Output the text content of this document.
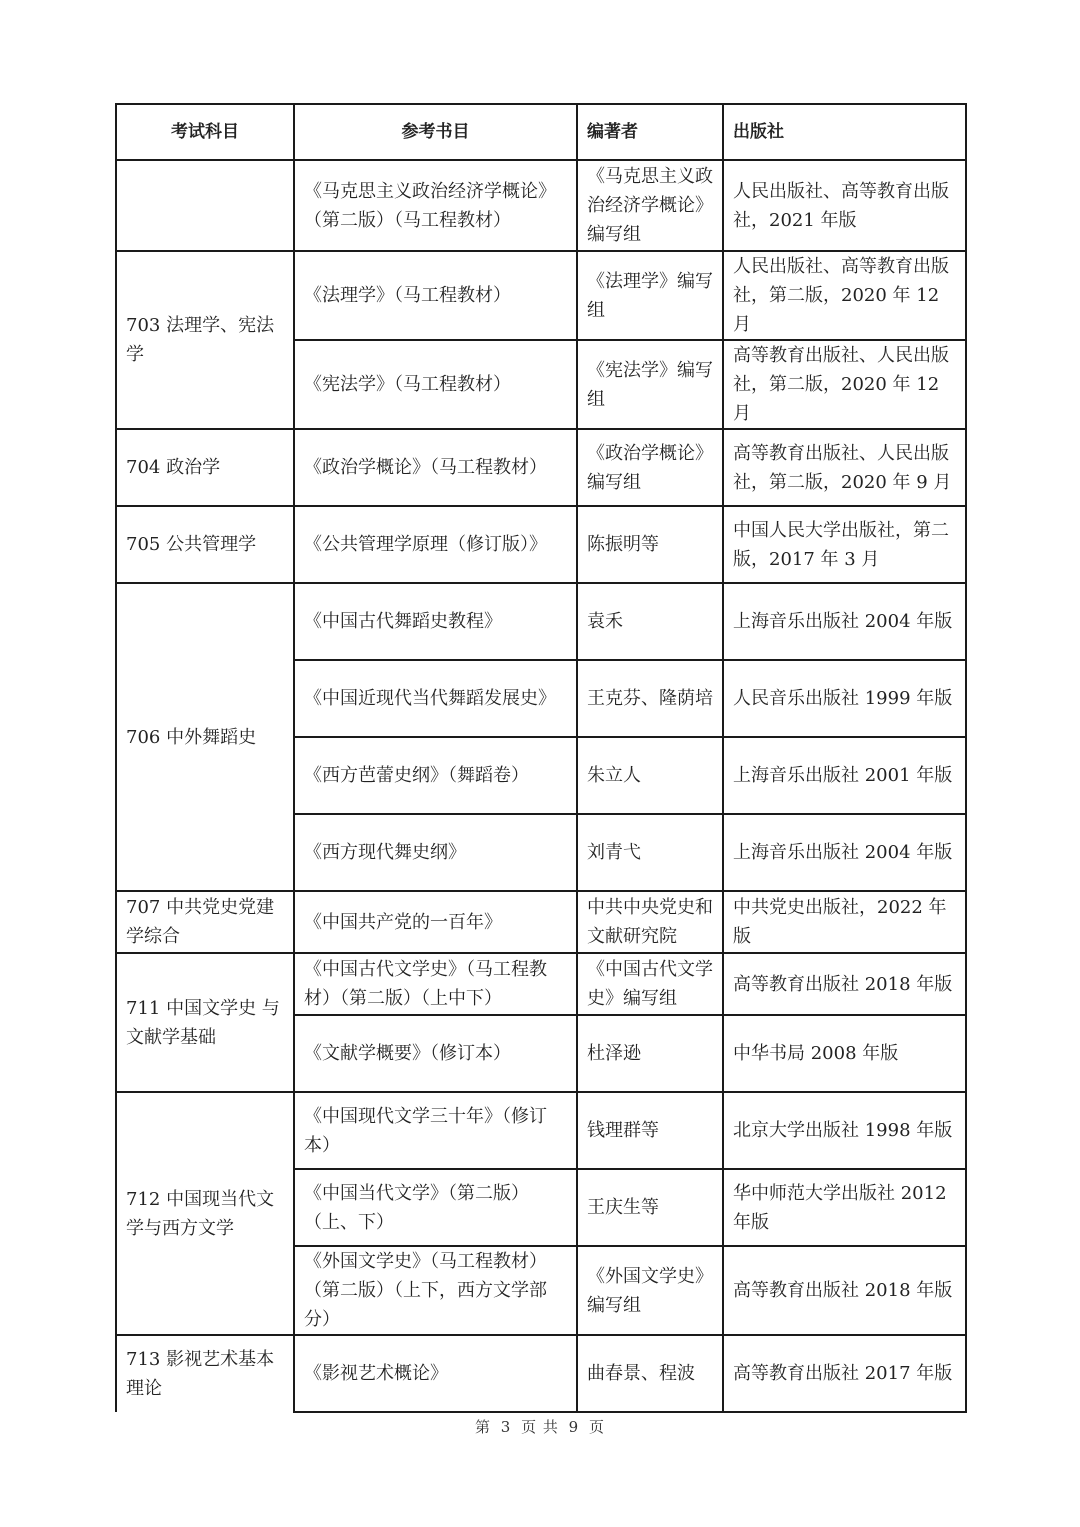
考试科目	参考书目	编著者	出版社
	《马克思主义政治经济学概论》（第二版）（马工程教材）	《马克思主义政治经济学概论》编写组	人民出版社、高等教育出版社，2021 年版
703 法理学、宪法学	《法理学》（马工程教材）	《法理学》编写组	人民出版社、高等教育出版社，第二版，2020 年 12 月
	《宪法学》（马工程教材）	《宪法学》编写组	高等教育出版社、人民出版社，第二版，2020 年 12 月
704 政治学	《政治学概论》（马工程教材）	《政治学概论》编写组	高等教育出版社、人民出版社，第二版，2020 年 9 月
705 公共管理学	《公共管理学原理（修订版）》	陈振明等	中国人民大学出版社，第二版，2017 年 3 月
706 中外舞蹈史	《中国古代舞蹈史教程》	袁禾	上海音乐出版社 2004 年版
	《中国近现代当代舞蹈发展史》	王克芬、隆荫培	人民音乐出版社 1999 年版
	《西方芭蕾史纲》（舞蹈卷）	朱立人	上海音乐出版社 2001 年版
	《西方现代舞史纲》	刘青弋	上海音乐出版社 2004 年版
707 中共党史党建学综合	《中国共产党的一百年》	中共中央党史和文献研究院	中共党史出版社，2022 年版
711 中国文学史 与文献学基础	《中国古代文学史》（马工程教材）（第二版）（上中下）	《中国古代文学史》编写组	高等教育出版社 2018 年版
	《文献学概要》（修订本）	杜泽逊	中华书局 2008 年版
712 中国现当代文学与西方文学	《中国现代文学三十年》（修订本）	钱理群等	北京大学出版社 1998 年版
	《中国当代文学》（第二版）（上、下）	王庆生等	华中师范大学出版社 2012 年版
	《外国文学史》（马工程教材）（第二版）（上下，西方文学部分）	《外国文学史》编写组	高等教育出版社 2018 年版
713 影视艺术基本理论	《影视艺术概论》	曲春景、程波	高等教育出版社 2017 年版
第 3 页 共 9 页
